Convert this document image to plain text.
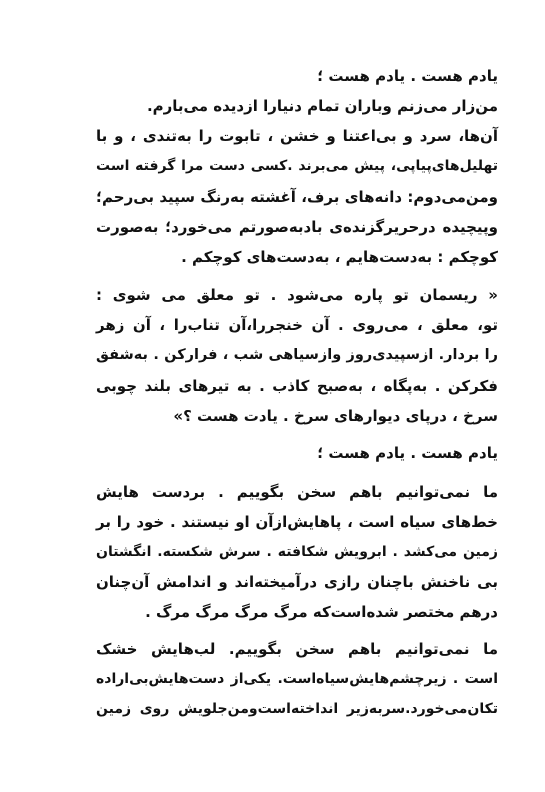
یادم هست . یادم هست ؛
من‌زار می‌زنم وباران تمام دنیارا ازدیده می‌بارم.
آن‌ها، سرد و بی‌اعتنا و خشن ، تابوت را به‌تندی ، و با
تهلیل‌های‌پیاپی، پیش می‌برند .کسی دست مرا گرفته است
ومن‌می‌دوم: دانه‌های برف، آغشته به‌رنگ سپید بی‌رحم؛
وپیچیده درحریرگزنده‌ی باد‌به‌صورتم می‌خورد؛ به‌صورت
کوچکم : به‌دست‌هایم ، به‌دست‌های کوچکم .
« ریسمان تو پاره می‌شود . تو معلق می شوی :
تو، معلق ، می‌روی . آن خنجررا،آن تناب‌را ، آن زهر
را بردار. ازسپیدی‌روز وازسیاهی شب ، فرارکن . به‌شفق
فکرکن . به‌پگاه ، به‌صبح کاذب . به تیرهای بلند چوبی
سرخ ، درپای دیوارهای سرخ . یادت هست ؟»
یادم هست . یادم هست ؛
ما نمی‌توانیم باهم سخن بگوییم . بردست هایش
خط‌های سیاه است ، پاهایش‌ازآن او نیستند . خود را بر
زمین می‌کشد . ابرویش شکافته . سرش شکسته. انگشتان
بی ناخنش باچنان رازی درآمیخته‌اند و اندامش آن‌چنان
درهم مختصر شده‌است‌که مرگ مرگ مرگ مرگ .
ما نمی‌توانیم باهم سخن بگوییم. لب‌هایش خشک
است . زیرچشم‌هایش‌سیاه‌است. یکی‌از دست‌هایش‌بی‌اراده
تکان‌می‌خورد.سربه‌زیر انداخته‌است‌ومن‌جلویش روی زمین
